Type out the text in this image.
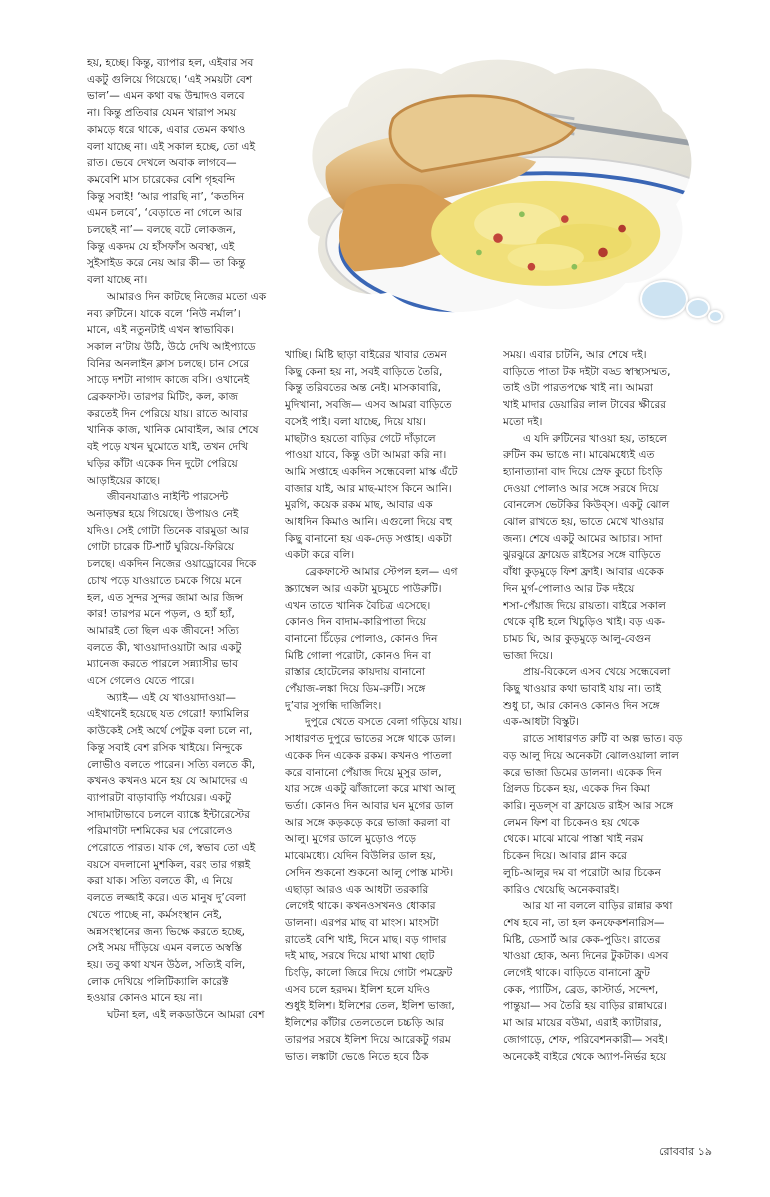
হয়, হচ্ছে। কিন্তু, ব্যাপার হল, এইবার সব
একটু গুলিয়ে গিয়েছে। ‘এই সময়টা বেশ
ভাল’— এমন কথা বদ্ধ উন্মাদও বলবে
না। কিন্তু প্রতিবার যেমন খারাপ সময়
কামড়ে ধরে থাকে, এবার তেমন কথাও
বলা যাচ্ছে না। এই সকাল হচ্ছে, তো এই
রাত। ভেবে দেখলে অবাক লাগবে—
কমবেশি মাস চারেকের বেশি গৃহবন্দি
কিন্তু সবাই! ‘আর পারছি না’, ‘কতদিন
এমন চলবে’, ‘বেড়াতে না গেলে আর
চলছেই না’— বলছে বটে লোকজন,
কিন্তু একদম যে হাঁসফাঁস অবস্থা, এই
সুইসাইড করে নেয় আর কী— তা কিন্তু
বলা যাচ্ছে না।
আমারও দিন কাটছে নিজের মতো এক
নব্য রুটিনে। যাকে বলে ‘নিউ নর্মাল’।
মানে, এই নতুনটাই এখন স্বাভাবিক।
সকাল ন’টায় উঠি, উঠে দেখি আইপ্যাডে
বিনির অনলাইন ক্লাস চলছে। চান সেরে
সাড়ে দশটা নাগাদ কাজে বসি। ওখানেই
ব্রেকফাস্ট। তারপর মিটিং, কল, কাজ
করতেই দিন পেরিয়ে যায়। রাতে আবার
খানিক কাজ, খানিক মোবাইল, আর শেষে
বই পড়ে যখন ঘুমোতে যাই, তখন দেখি
ঘড়ির কাঁটা একেক দিন দুটো পেরিয়ে
আড়াইয়ের কাছে।
জীবনযাত্রাও নাইন্টি পারসেন্ট
অনাড়ম্বর হয়ে গিয়েছে। উপায়ও নেই
যদিও। সেই গোটা তিনেক বারমুডা আর
গোটা চারেক টি-শার্ট ঘুরিয়ে-ফিরিয়ে
চলছে। একদিন নিজের ওয়াড্রোবের দিকে
চোখ পড়ে যাওয়াতে চমকে গিয়ে মনে
হল, এত সুন্দর সুন্দর জামা আর জিন্স
কার! তারপর মনে পড়ল, ও হ্যাঁ হ্যাঁ,
আমারই তো ছিল এক জীবনে! সত্যি
বলতে কী, খাওয়াদাওয়াটা আর একটু
ম্যানেজ করতে পারলে সন্ন্যাসীর ভাব
এসে গেলেও যেতে পারে।
অ্যাই— এই যে খাওয়াদাওয়া—
এইখানেই হয়েছে যত গেরো! ফ্যামিলির
কাউকেই সেই অর্থে পেটুক বলা চলে না,
কিন্তু সবাই বেশ রসিক খাইয়ে। নিন্দুকে
লোভীও বলতে পারেন। সত্যি বলতে কী,
কখনও কখনও মনে হয় যে আমাদের এ
ব্যাপারটা বাড়াবাড়ি পর্যায়ের। একটু
সাদামাটাভাবে চললে ব্যাঙ্কে ইন্টারেস্টের
পরিমাণটা দশমিকের ঘর পেরোলেও
পেরোতে পারত। যাক গে, স্বভাব তো এই
বয়সে বদলানো মুশকিল, বরং তার গল্পই
করা যাক। সত্যি বলতে কী, এ নিয়ে
বলতে লজ্জাই করে। এত মানুষ দু’বেলা
খেতে পাচ্ছে না, কর্মসংস্থান নেই,
অন্নসংস্থানের জন্য ভিক্ষে করতে হচ্ছে,
সেই সময় দাঁড়িয়ে এমন বলতে অস্বস্তি
হয়। তবু কথা যখন উঠল, সত্যিই বলি,
লোক দেখিয়ে পলিটিক্যালি কারেক্ট
হওয়ার কোনও মানে হয় না।
ঘটনা হল, এই লকডাউনে আমরা বেশ
খাচ্ছি। মিষ্টি ছাড়া বাইরের খাবার তেমন
কিছু কেনা হয় না, সবই বাড়িতে তৈরি,
কিন্তু তরিবতের অন্ত নেই। মাসকাবারি,
মুদিখানা, সবজি— এসব আমরা বাড়িতে
বসেই পাই। বলা যাচ্ছে, দিয়ে যায়।
মাছটাও হয়তো বাড়ির গেটে দাঁড়ালে
পাওয়া যাবে, কিন্তু ওটা আমরা করি না।
আমি সপ্তাহে একদিন সন্ধেবেলা মাস্ক এঁটে
বাজার যাই, আর মাছ-মাংস কিনে আনি।
মুরগি, কয়েক রকম মাছ, আবার এক
আধদিন কিমাও আনি। এগুলো দিয়ে বহু
কিছু বানানো হয় এক-দেড় সপ্তাহ। একটা
একটা করে বলি।
ব্রেকফাস্টে আমার স্টেপল হল— এগ
স্ক্র্যাম্বেল আর একটা মুচমুচে পাউরুটি।
এখন তাতে খানিক বৈচিত্র এসেছে।
কোনও দিন বাদাম-কারিপাতা দিয়ে
বানানো চিঁড়ের পোলাও, কোনও দিন
মিষ্টি গোলা পরোটা, কোনও দিন বা
রাস্তার হোটেলের কায়দায় বানানো
পেঁয়াজ-লঙ্কা দিয়ে ডিম-রুটি। সঙ্গে
দু’বার সুগন্ধি দার্জিলিং।
দুপুরে খেতে বসতে বেলা গড়িয়ে যায়।
সাধারণত দুপুরে ভাতের সঙ্গে থাকে ডাল।
একেক দিন একেক রকম। কখনও পাতলা
করে বানানো পেঁয়াজ দিয়ে মুসুর ডাল,
যার সঙ্গে একটু ঝাঁজালো করে মাখা আলু
ভর্তা। কোনও দিন আবার ঘন মুগের ডাল
আর সঙ্গে কড়কড়ে করে ভাজা করলা বা
আলু। মুগের ডালে মুড়োও পড়ে
মাঝেমধ্যে। যেদিন বিউলির ডাল হয়,
সেদিন শুকনো শুকনো আলু পোস্ত মাস্ট।
এছাড়া আরও এক আধটা তরকারি
লেগেই থাকে। কখনওসখনও ধোকার
ডালনা। এরপর মাছ বা মাংস। মাংসটা
রাতেই বেশি খাই, দিনে মাছ। বড় গাদার
দই মাছ, সরষে দিয়ে মাথা মাথা ছোট
চিংড়ি, কালো জিরে দিয়ে গোটা পমফ্রেট
এসব চলে হরদম। ইলিশ হলে যদিও
শুধুই ইলিশ। ইলিশের তেল, ইলিশ ভাজা,
ইলিশের কাঁটার তেলতেলে চচ্চড়ি আর
তারপর সরষে ইলিশ দিয়ে আরেকটু গরম
ভাত। লঙ্কাটা ভেঙে নিতে হবে ঠিক
সময়। এবার চাটনি, আর শেষে দই।
বাড়িতে পাতা টক দইটা বড্ড স্বাস্থ্যসম্মত,
তাই ওটা পারতপক্ষে খাই না। আমরা
খাই মাদার ডেয়ারির লাল টাবের ক্ষীরের
মতো দই।
এ যদি রুটিনের খাওয়া হয়, তাহলে
রুটিন কম ভাঙে না। মাঝেমধ্যেই এত
হ্যানাত্যানা বাদ দিয়ে স্রেফ কুচো চিংড়ি
দেওয়া পোলাও আর সঙ্গে সরষে দিয়ে
বোনলেস ভেটকির কিউব্‌স। একটু ঝোল
ঝোল রাখতে হয়, ভাতে মেখে খাওয়ার
জন্য। শেষে একটু আমের আচার। সাদা
ঝুরঝুরে ফ্রায়েড রাইসের সঙ্গে বাড়িতে
বাঁধা কুড়মুড়ে ফিশ ফ্রাই। আবার একেক
দিন মুর্গ-পোলাও আর টক দইয়ে
শসা-পেঁয়াজ দিয়ে রায়তা। বাইরে সকাল
থেকে বৃষ্টি হলে খিচুড়িও খাই। বড় এক-
চামচ ঘি, আর কুড়মুড়ে আলু-বেগুন
ভাজা দিয়ে।
প্রায়-বিকেলে এসব খেয়ে সন্ধেবেলা
কিছু খাওয়ার কথা ভাবাই যায় না। তাই
শুধু চা, আর কোনও কোনও দিন সঙ্গে
এক-আধটা বিস্কুট।
রাতে সাধারণত রুটি বা অল্প ভাত। বড়
বড় আলু দিয়ে অনেকটা ঝোলওয়ালা লাল
করে ভাজা ডিমের ডালনা। একেক দিন
গ্রিলড চিকেন হয়, একেক দিন কিমা
কারি। নুডল্‌স বা ফ্রায়েড রাইস আর সঙ্গে
লেমন ফিশ বা চিকেনও হয় থেকে
থেকে। মাঝে মাঝে পাস্তা খাই নরম
চিকেন দিয়ে। আবার গ্লান করে
লুচি-আলুর দম বা পরোটা আর চিকেন
কারিও খেয়েছি অনেকবারই।
আর যা না বললে বাড়ির রান্নার কথা
শেষ হবে না, তা হল কনফেকশনারিস—
মিষ্টি, ডেসার্ট আর কেক-পুডিং। রাতের
খাওয়া হোক, অন্য দিনের টুকটাক। এসব
লেগেই থাকে। বাড়িতে বানানো ফ্রুট
কেক, প্যাটিস, ব্রেড, কাস্টার্ড, সন্দেশ,
পান্তুয়া— সব তৈরি হয় বাড়ির রান্নাঘরে।
মা আর মায়ের বউমা, এরাই ক্যাটারার,
জোগাড়ে, শেফ, পরিবেশনকারী— সবই।
অনেকেই বাইরে থেকে অ্যাপ-নির্ভর হয়ে
রোববার ১৯
